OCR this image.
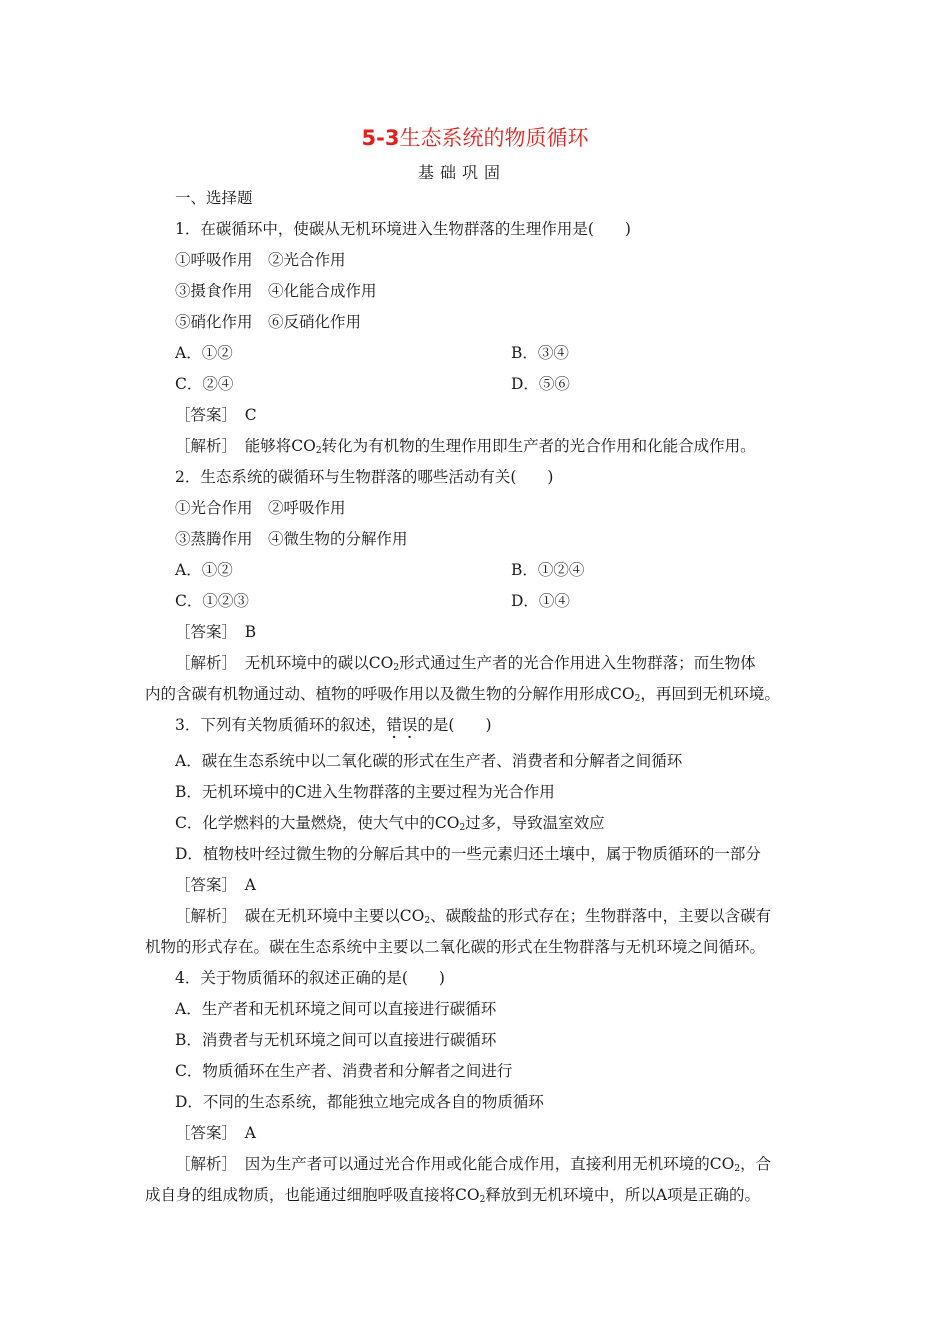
5-3生态系统的物质循环
基础巩固
一、选择题
1．在碳循环中，使碳从无机环境进入生物群落的生理作用是(　　)
①呼吸作用　②光合作用
③摄食作用　④化能合成作用
⑤硝化作用　⑥反硝化作用
A．①②	B．③④
C．②④	D．⑤⑥
［答案］　C
［解析］　能够将$CO_2$转化为有机物的生理作用即生产者的光合作用和化能合成作用。
2．生态系统的碳循环与生物群落的哪些活动有关(　　)
①光合作用　②呼吸作用
③蒸腾作用　④微生物的分解作用
A．①②	B．①②④
C．①②③	D．①④
［答案］　B
［解析］　无机环境中的碳以$CO_2$形式通过生产者的光合作用进入生物群落；而生物体
内的含碳有机物通过动、植物的呼吸作用以及微生物的分解作用形成$CO_2$，再回到无机环境。
3．下列有关物质循环的叙述，错误的是(　　)
A．碳在生态系统中以二氧化碳的形式在生产者、消费者和分解者之间循环
B．无机环境中的C进入生物群落的主要过程为光合作用
C．化学燃料的大量燃烧，使大气中的$CO_2$过多，导致温室效应
D．植物枝叶经过微生物的分解后其中的一些元素归还土壤中，属于物质循环的一部分
［答案］　A
［解析］　碳在无机环境中主要以$CO_2$、碳酸盐的形式存在；生物群落中，主要以含碳有
机物的形式存在。碳在生态系统中主要以二氧化碳的形式在生物群落与无机环境之间循环。
4．关于物质循环的叙述正确的是(　　)
A．生产者和无机环境之间可以直接进行碳循环
B．消费者与无机环境之间可以直接进行碳循环
C．物质循环在生产者、消费者和分解者之间进行
D．不同的生态系统，都能独立地完成各自的物质循环
［答案］　A
［解析］　因为生产者可以通过光合作用或化能合成作用，直接利用无机环境的$CO_2$，合
成自身的组成物质，也能通过细胞呼吸直接将$CO_2$释放到无机环境中，所以A项是正确的。
